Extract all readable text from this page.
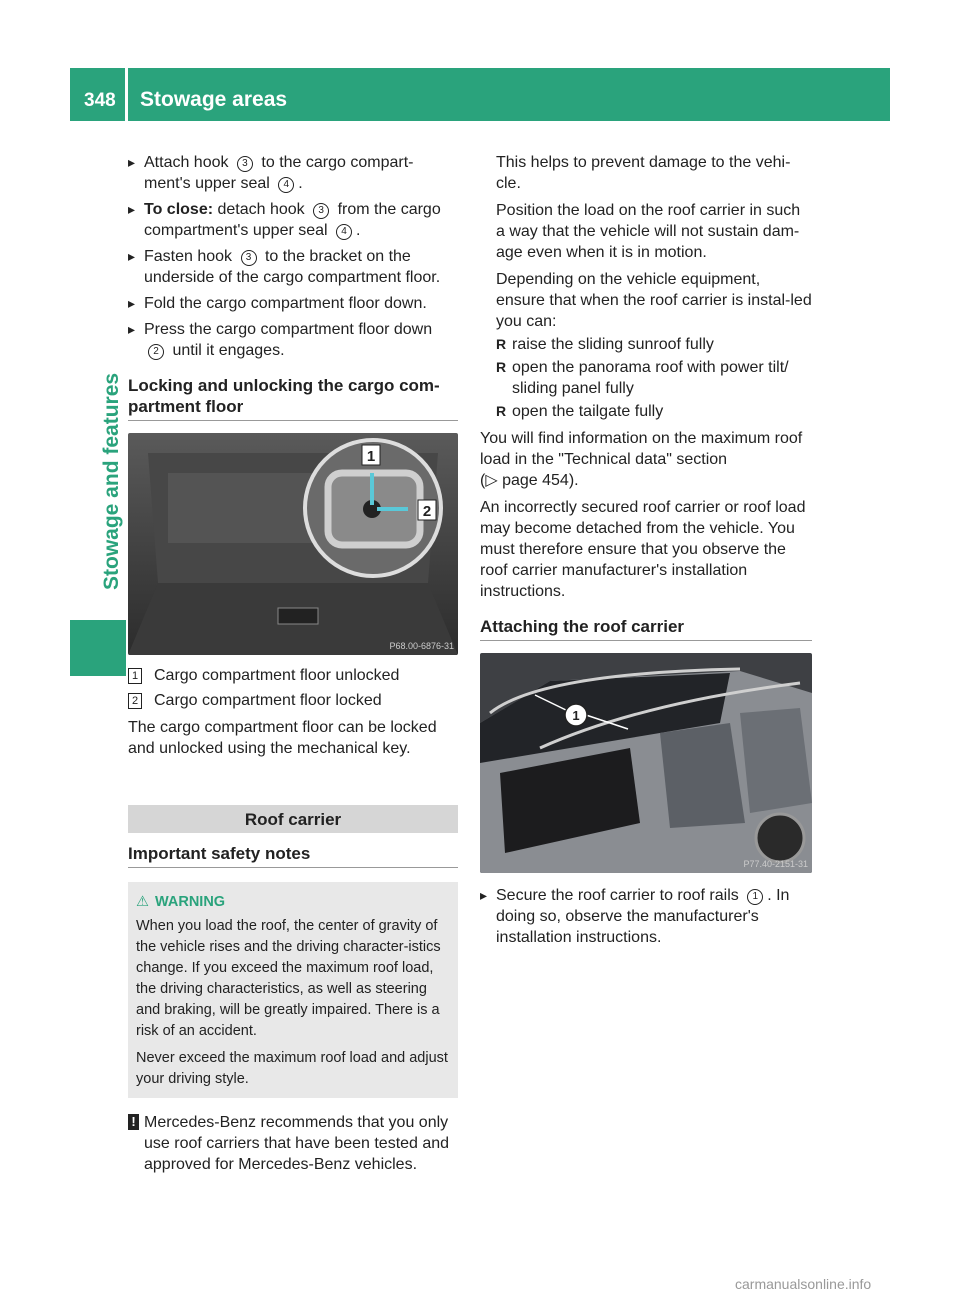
348 Stowage areas
Stowage and features
▸ Attach hook 3 to the cargo compart-ment's upper seal 4 .
▸ To close: detach hook 3 from the cargo compartment's upper seal 4 .
▸ Fasten hook 3 to the bracket on the underside of the cargo compartment floor.
▸ Fold the cargo compartment floor down.
▸ Press the cargo compartment floor down 2 until it engages.
Locking and unlocking the cargo com-partment floor
1
2
P68.00-6876-31
1 Cargo compartment floor unlocked
2 Cargo compartment floor locked
The cargo compartment floor can be locked and unlocked using the mechanical key.
Roof carrier
Important safety notes
⚠ WARNING
When you load the roof, the center of gravity of the vehicle rises and the driving character-istics change. If you exceed the maximum roof load, the driving characteristics, as well as steering and braking, will be greatly impaired. There is a risk of an accident.
Never exceed the maximum roof load and adjust your driving style.
! Mercedes-Benz recommends that you only use roof carriers that have been tested and approved for Mercedes-Benz vehicles.
This helps to prevent damage to the vehi-cle.
Position the load on the roof carrier in such a way that the vehicle will not sustain dam-age even when it is in motion.
Depending on the vehicle equipment, ensure that when the roof carrier is instal-led you can:
R raise the sliding sunroof fully
R open the panorama roof with power tilt/ sliding panel fully
R open the tailgate fully
You will find information on the maximum roof load in the "Technical data" section
(▷ page 454).
An incorrectly secured roof carrier or roof load may become detached from the vehicle. You must therefore ensure that you observe the roof carrier manufacturer's installation instructions.
Attaching the roof carrier
1
P77.40-2151-31
▸ Secure the roof carrier to roof rails 1 . In doing so, observe the manufacturer's installation instructions.
carmanualsonline.info
